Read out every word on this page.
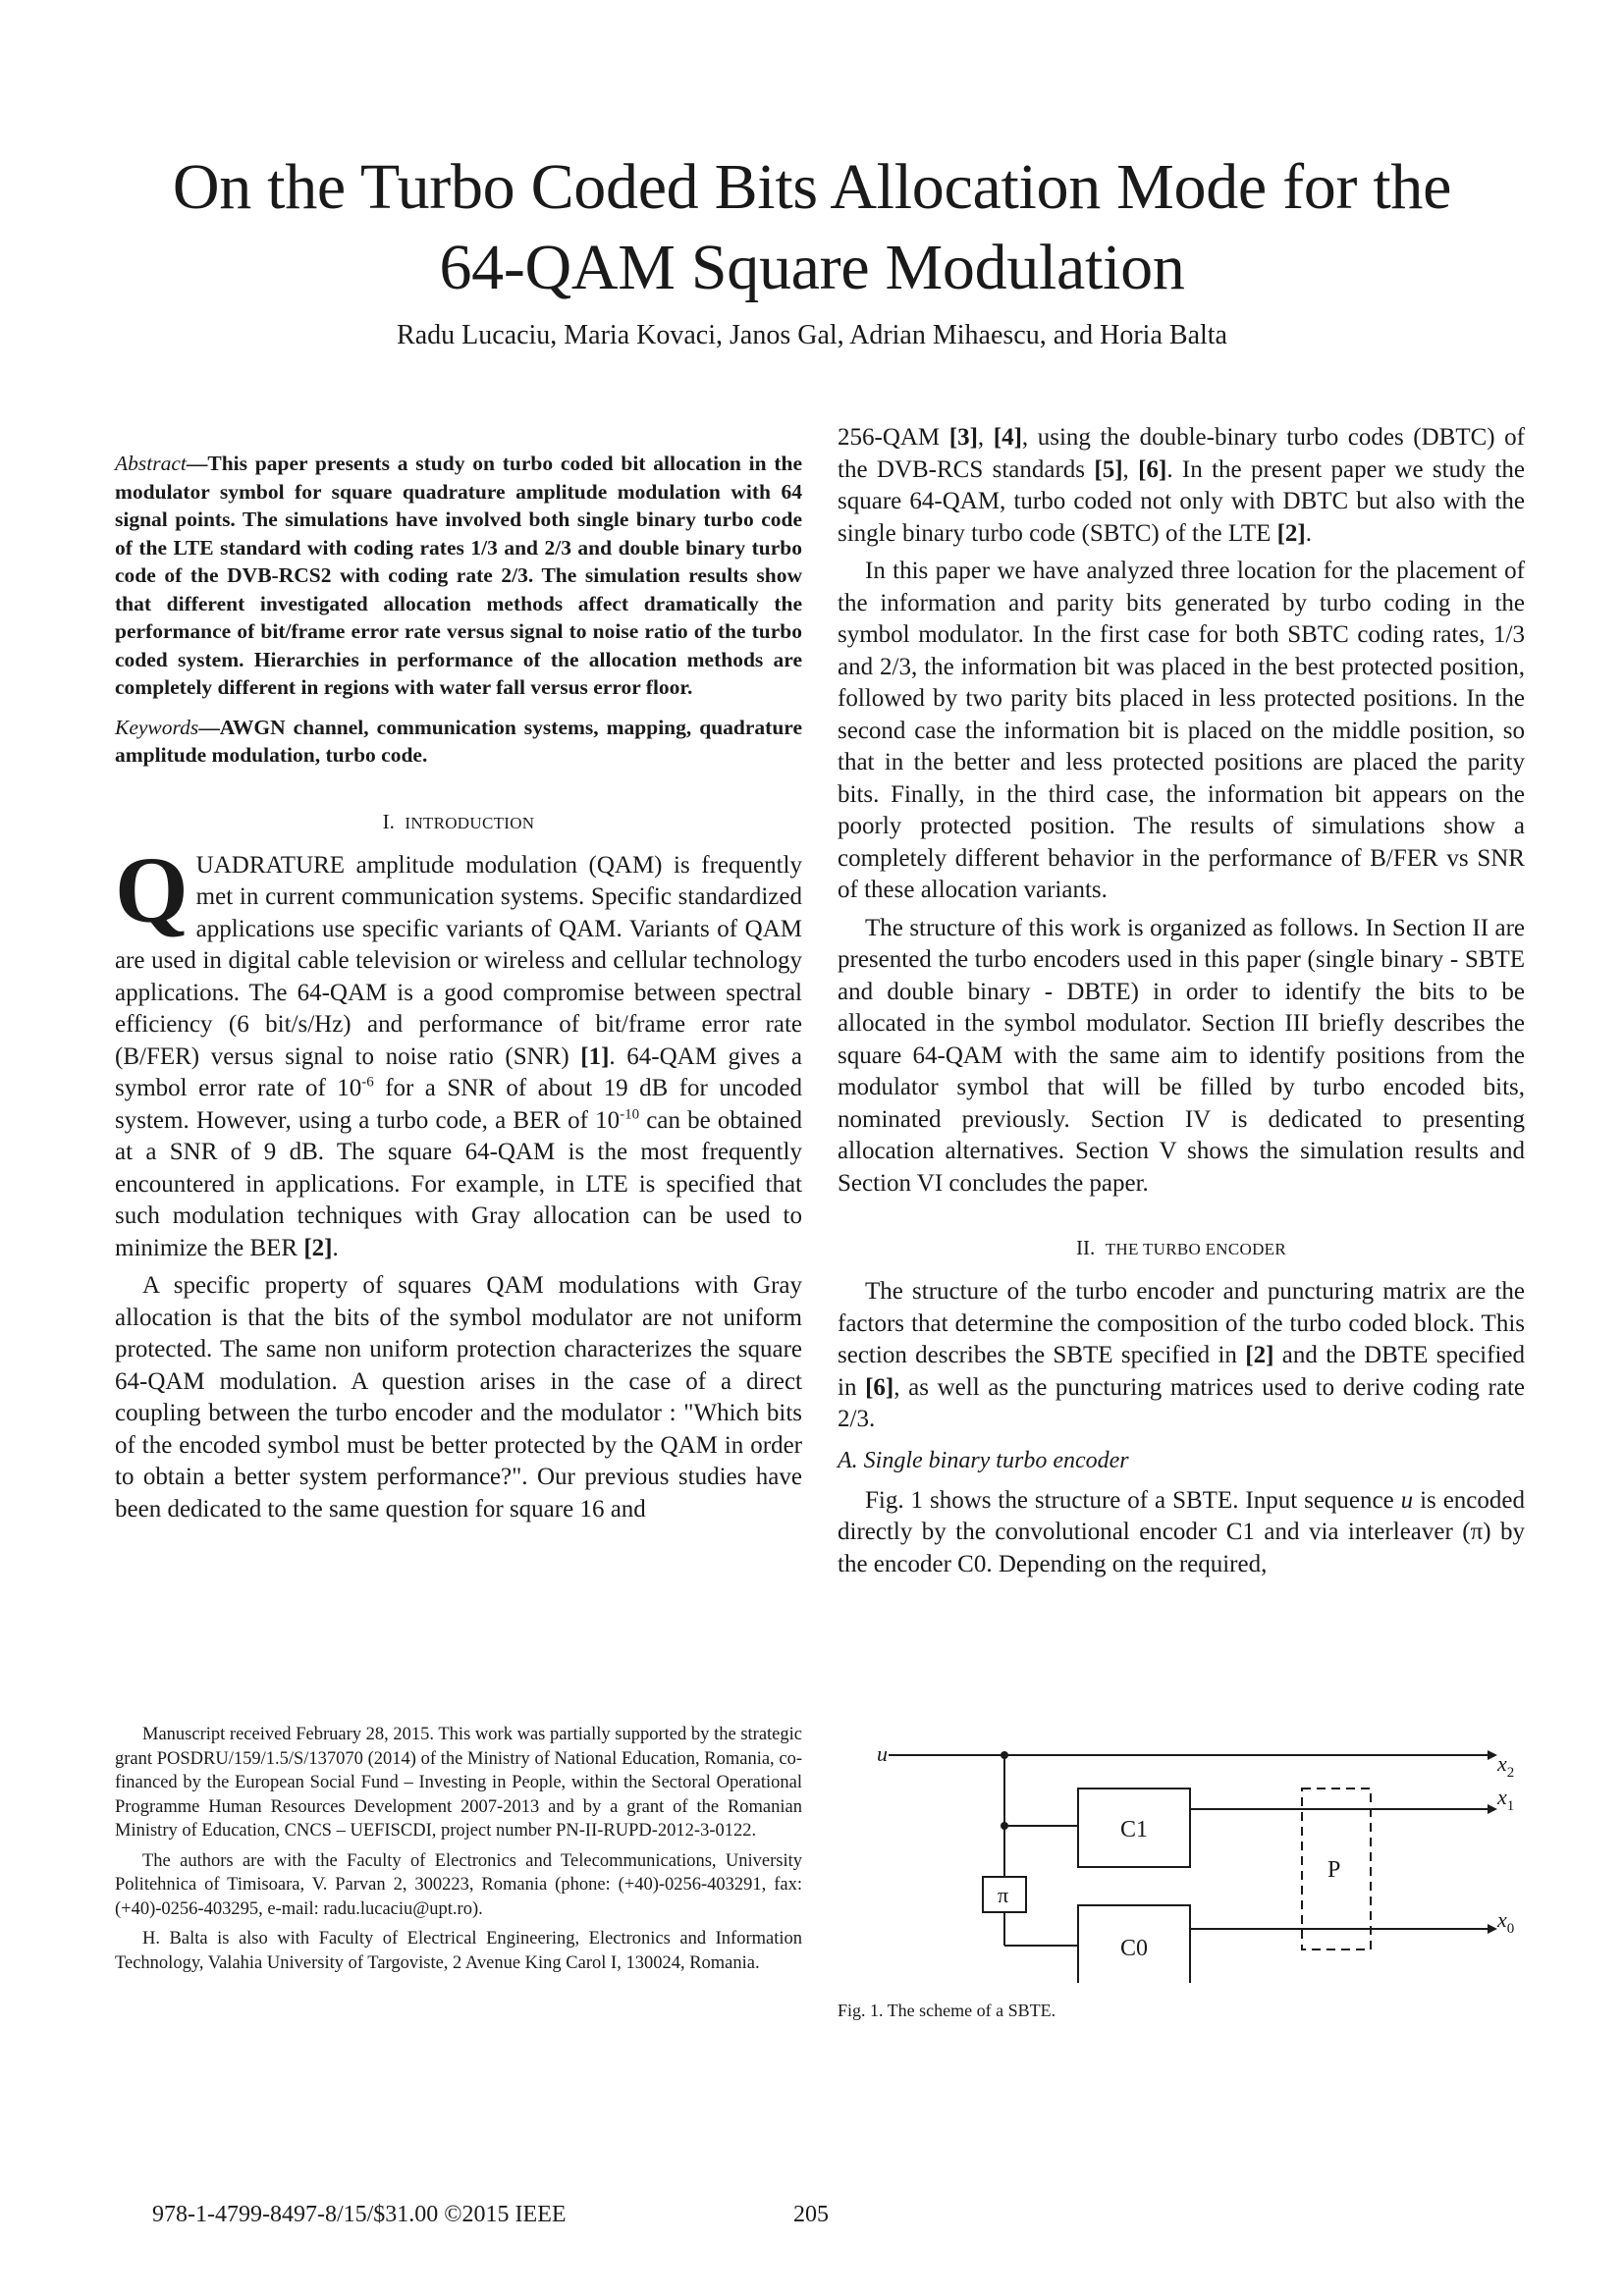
On the Turbo Coded Bits Allocation Mode for the
64-QAM Square Modulation
Radu Lucaciu, Maria Kovaci, Janos Gal, Adrian Mihaescu, and Horia Balta

Abstract—This paper presents a study on turbo coded bit allocation in the modulator symbol for square quadrature amplitude modulation with 64 signal points. The simulations have involved both single binary turbo code of the LTE standard with coding rates 1/3 and 2/3 and double binary turbo code of the DVB-RCS2 with coding rate 2/3. The simulation results show that different investigated allocation methods affect dramatically the performance of bit/frame error rate versus signal to noise ratio of the turbo coded system. Hierarchies in performance of the allocation methods are completely different in regions with water fall versus error floor.

Keywords—AWGN channel, communication systems, mapping, quadrature amplitude modulation, turbo code.

I. INTRODUCTION
QUADRATURE amplitude modulation (QAM) is frequently met in current communication systems. Specific standardized applications use specific variants of QAM. Variants of QAM are used in digital cable television or wireless and cellular technology applications. The 64-QAM is a good compromise between spectral efficiency (6 bit/s/Hz) and performance of bit/frame error rate (B/FER) versus signal to noise ratio (SNR) [1]. 64-QAM gives a symbol error rate of $10^{-6}$ for a SNR of about 19 dB for uncoded system. However, using a turbo code, a BER of $10^{-10}$ can be obtained at a SNR of 9 dB. The square 64-QAM is the most frequently encountered in applications. For example, in LTE is specified that such modulation techniques with Gray allocation can be used to minimize the BER [2].

A specific property of squares QAM modulations with Gray allocation is that the bits of the symbol modulator are not uniform protected. The same non uniform protection characterizes the square 64-QAM modulation. A question arises in the case of a direct coupling between the turbo encoder and the modulator : "Which bits of the encoded symbol must be better protected by the QAM in order to obtain a better system performance?". Our previous studies have been dedicated to the same question for square 16 and

Manuscript received February 28, 2015. This work was partially supported by the strategic grant POSDRU/159/1.5/S/137070 (2014) of the Ministry of National Education, Romania, co-financed by the European Social Fund – Investing in People, within the Sectoral Operational Programme Human Resources Development 2007-2013 and by a grant of the Romanian Ministry of Education, CNCS – UEFISCDI, project number PN-II-RUPD-2012-3-0122.

The authors are with the Faculty of Electronics and Telecommunications, University Politehnica of Timisoara, V. Parvan 2, 300223, Romania (phone: (+40)-0256-403291, fax: (+40)-0256-403295, e-mail: radu.lucaciu@upt.ro).

H. Balta is also with Faculty of Electrical Engineering, Electronics and Information Technology, Valahia University of Targoviste, 2 Avenue King Carol I, 130024, Romania.

256-QAM [3], [4], using the double-binary turbo codes (DBTC) of the DVB-RCS standards [5], [6]. In the present paper we study the square 64-QAM, turbo coded not only with DBTC but also with the single binary turbo code (SBTC) of the LTE [2].

In this paper we have analyzed three location for the placement of the information and parity bits generated by turbo coding in the symbol modulator. In the first case for both SBTC coding rates, 1/3 and 2/3, the information bit was placed in the best protected position, followed by two parity bits placed in less protected positions. In the second case the information bit is placed on the middle position, so that in the better and less protected positions are placed the parity bits. Finally, in the third case, the information bit appears on the poorly protected position. The results of simulations show a completely different behavior in the performance of B/FER vs SNR of these allocation variants.

The structure of this work is organized as follows. In Section II are presented the turbo encoders used in this paper (single binary - SBTE and double binary - DBTE) in order to identify the bits to be allocated in the symbol modulator. Section III briefly describes the square 64-QAM with the same aim to identify positions from the modulator symbol that will be filled by turbo encoded bits, nominated previously. Section IV is dedicated to presenting allocation alternatives. Section V shows the simulation results and Section VI concludes the paper.

II. THE TURBO ENCODER

The structure of the turbo encoder and puncturing matrix are the factors that determine the composition of the turbo coded block. This section describes the SBTE specified in [2] and the DBTE specified in [6], as well as the puncturing matrices used to derive coding rate 2/3.

A. Single binary turbo encoder

Fig. 1 shows the structure of a SBTE. Input sequence u is encoded directly by the convolutional encoder C1 and via interleaver (π) by the encoder C0. Depending on the required,

u
π
C1
C0
P
$x_2$
$x_1$
$x_0$
Fig. 1. The scheme of a SBTE.
978-1-4799-8497-8/15/$31.00 ©2015 IEEE	205
